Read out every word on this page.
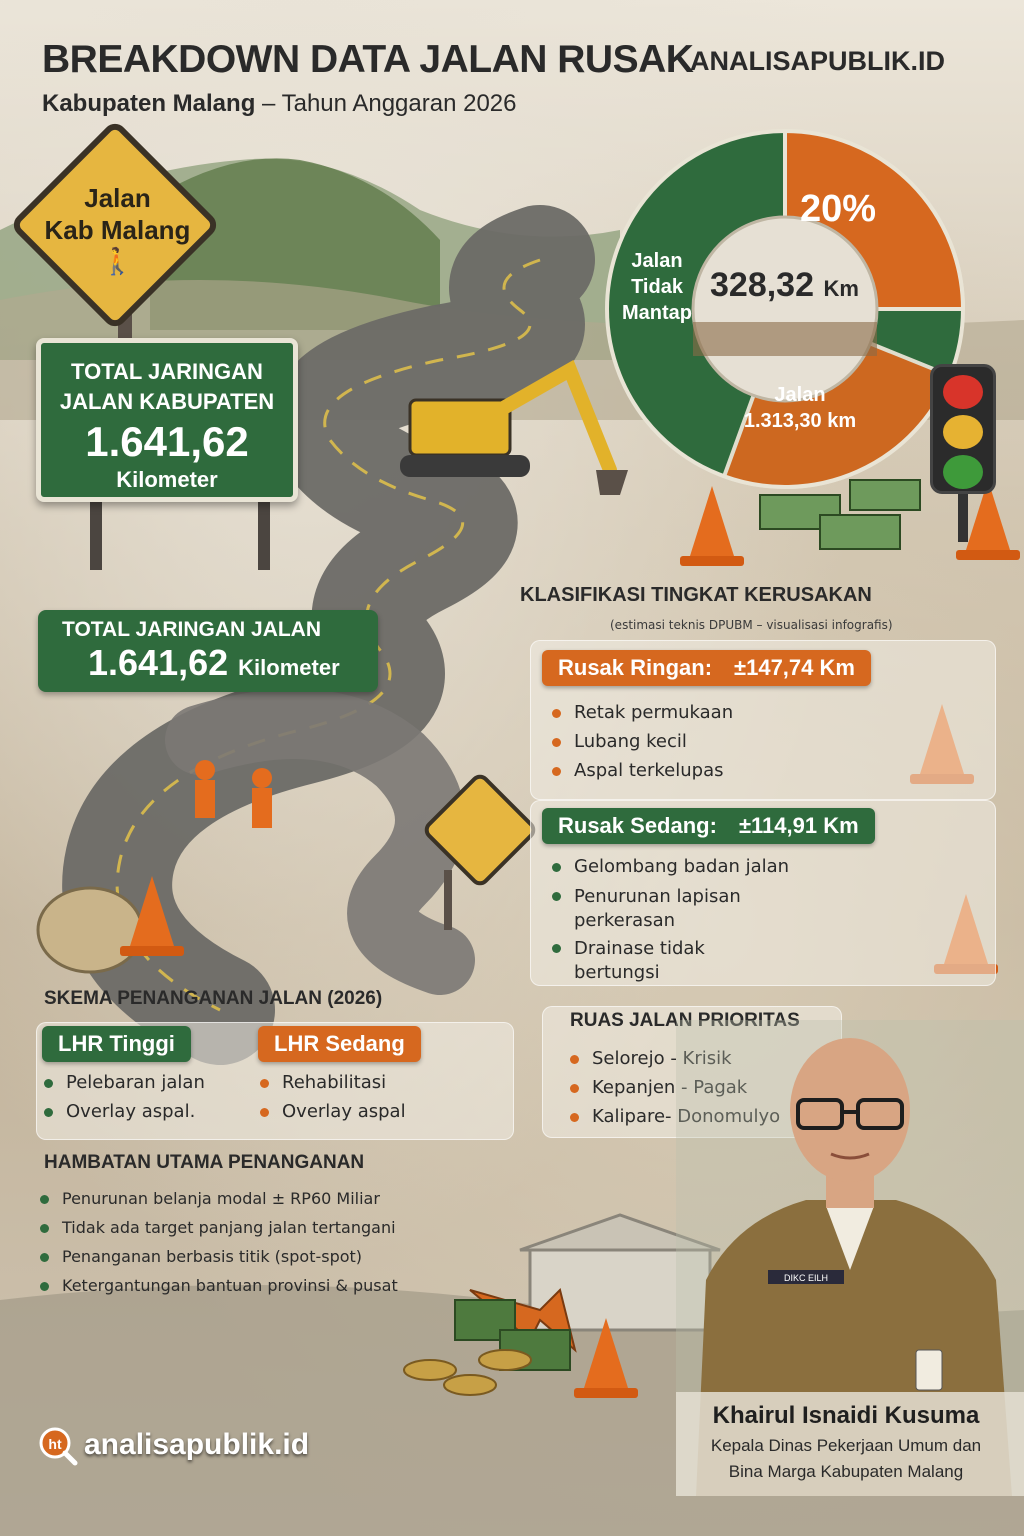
BREAKDOWN DATA JALAN RUSAK
ANALISAPUBLIK.ID
Kabupaten Malang – Tahun Anggaran 2026
Jalan
Kab Malang
🚶
TOTAL JARINGAN
JALAN KABUPATEN
1.641,62
Kilometer
TOTAL JARINGAN JALAN
1.641,62 Kilometer
Jalan
Tidak
Mantap
20%
328,32 Km
Jalan
1.313,30 km
KLASIFIKASI TINGKAT KERUSAKAN
(estimasi teknis DPUBM – visualisasi infografis)
Rusak Ringan: ±147,74 Km
Retak permukaan
Lubang kecil
Aspal terkelupas
Rusak Sedang: ±114,91 Km
Gelombang badan jalan
Penurunan lapisan perkerasan
Drainase tidak bertungsi
SKEMA PENANGANAN JALAN (2026)
LHR Tinggi	LHR Sedang
Pelebaran jalan
Overlay aspal.
Rehabilitasi
Overlay aspal
RUAS JALAN PRIORITAS
Selorejo - Krisik
Kepanjen - Pagak
Kalipare- Donomulyo
HAMBATAN UTAMA PENANGANAN
Penurunan belanja modal ± RP60 Miliar
Tidak ada target panjang jalan tertangani
Penanganan berbasis titik (spot-spot)
Ketergantungan bantuan provinsi & pusat	DIKC EILH
Khairul Isnaidi Kusuma
Kepala Dinas Pekerjaan Umum dan
Bina Marga Kabupaten Malang
ht analisapublik.id
